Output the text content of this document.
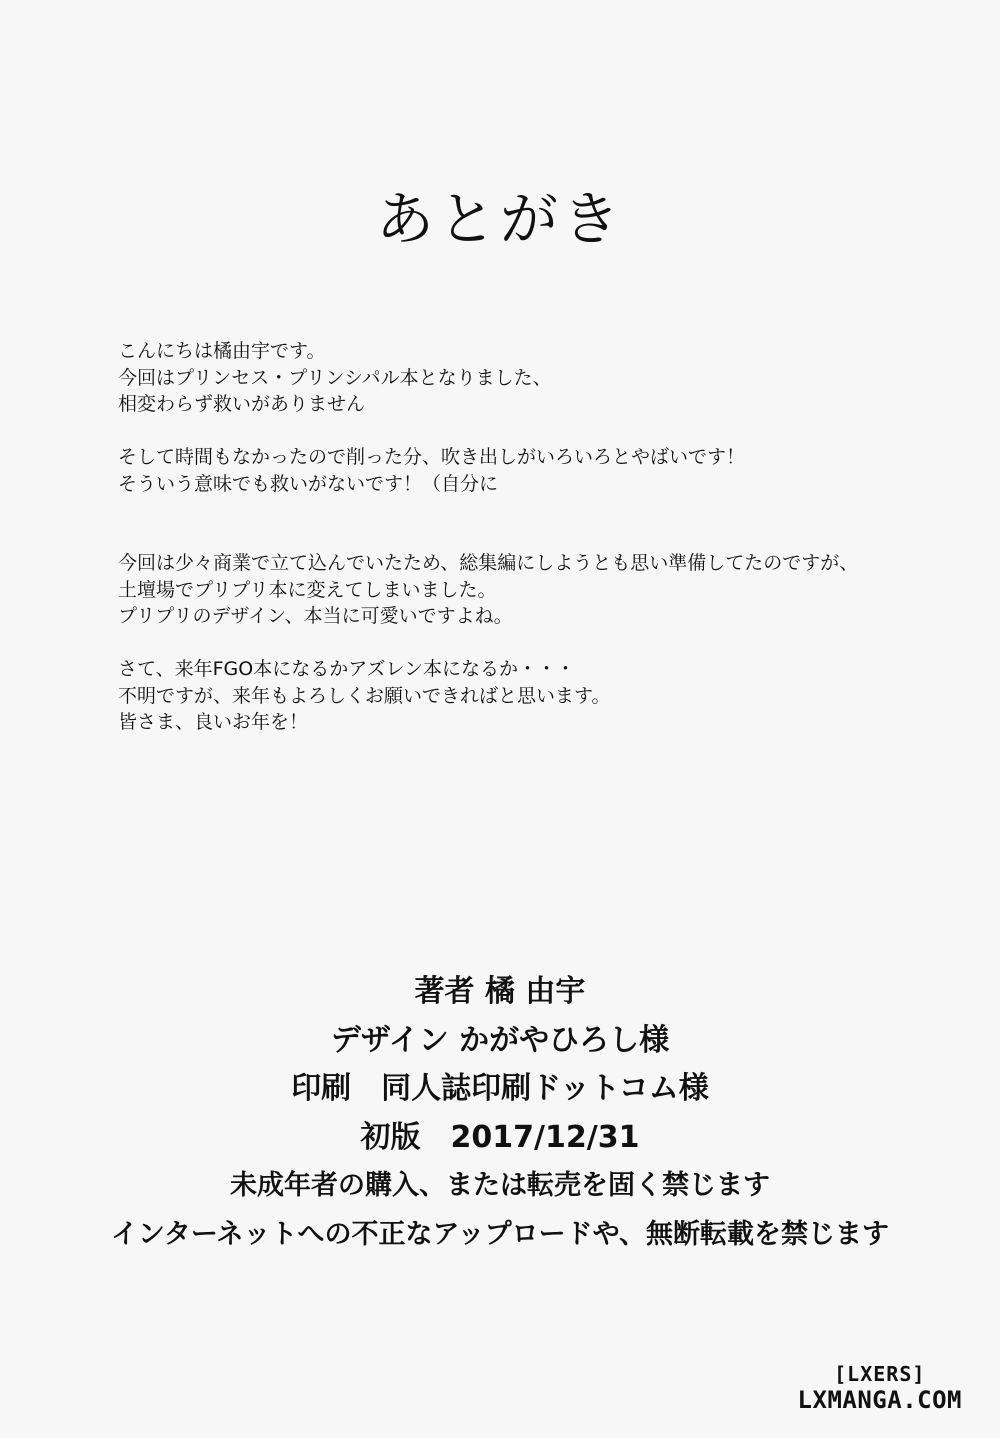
あとがき
こんにちは橘由宇です。
今回はプリンセス・プリンシパル本となりました、
相変わらず救いがありません
そして時間もなかったので削った分、吹き出しがいろいろとやばいです！
そういう意味でも救いがないです！（自分に
今回は少々商業で立て込んでいたため、総集編にしようとも思い準備してたのですが、
土壇場でプリプリ本に変えてしまいました。
プリプリのデザイン、本当に可愛いですよね。
さて、来年FGO本になるかアズレン本になるか・・・
不明ですが、来年もよろしくお願いできればと思います。
皆さま、良いお年を！
著者 橘 由宇
デザイン かがやひろし様
印刷　同人誌印刷ドットコム様
初版　2017/12/31
未成年者の購入、または転売を固く禁じます
インターネットへの不正なアップロードや、無断転載を禁じます
[LXERS]
LXMANGA.COM
